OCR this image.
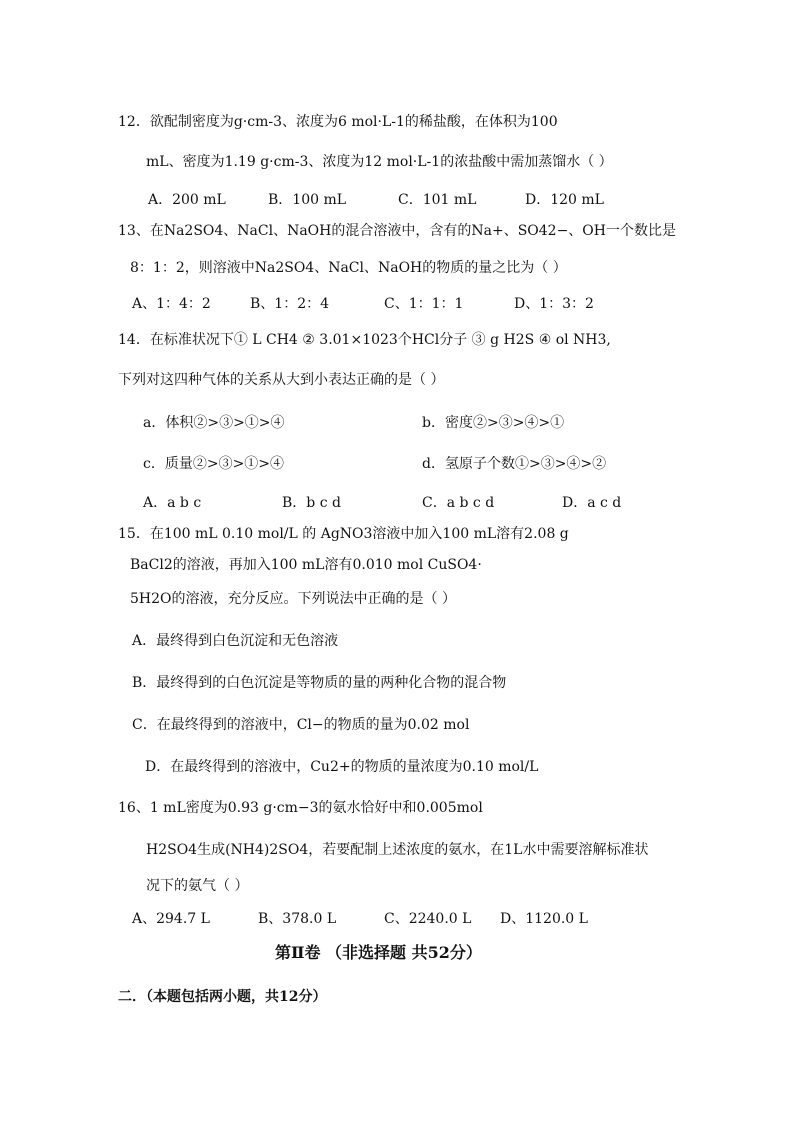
12．欲配制密度为g·cm-3、浓度为6 mol·L-1的稀盐酸，在体积为100
mL、密度为1.19 g·cm-3、浓度为12 mol·L-1的浓盐酸中需加蒸馏水（ ）
A．200 mL	B．100 mL	C．101 mL	D．120 mL
13、在Na2SO4、NaCl、NaOH的混合溶液中，含有的Na+、SO42−、OH一个数比是
8：1：2，则溶液中Na2SO4、NaCl、NaOH的物质的量之比为（ ）
A、1：4：2	B、1：2：4	C、1：1：1	D、1：3：2
14．在标准状况下① L CH4 ② 3.01×1023个HCl分子 ③ g H2S ④ ol NH3,
下列对这四种气体的关系从大到小表达正确的是（ ）
a．体积②>③>①>④	b．密度②>③>④>①
c．质量②>③>①>④	d．氢原子个数①>③>④>②
A．a b c	B．b c d	C．a b c d	D．a c d
15．在100 mL 0.10 mol/L 的 AgNO3溶液中加入100 mL溶有2.08 g
BaCl2的溶液，再加入100 mL溶有0.010 mol CuSO4·
5H2O的溶液，充分反应。下列说法中正确的是（ ）
A．最终得到白色沉淀和无色溶液
B．最终得到的白色沉淀是等物质的量的两种化合物的混合物
C．在最终得到的溶液中，Cl−的物质的量为0.02 mol
D．在最终得到的溶液中，Cu2+的物质的量浓度为0.10 mol/L
16、1 mL密度为0.93 g·cm−3的氨水恰好中和0.005mol
H2SO4生成(NH4)2SO4，若要配制上述浓度的氨水，在1L水中需要溶解标准状
况下的氨气（ ）
A、294.7 L	B、378.0 L	C、2240.0 L D、1120.0 L
第Ⅱ卷 （非选择题 共52分）
二．（本题包括两小题，共12分）
